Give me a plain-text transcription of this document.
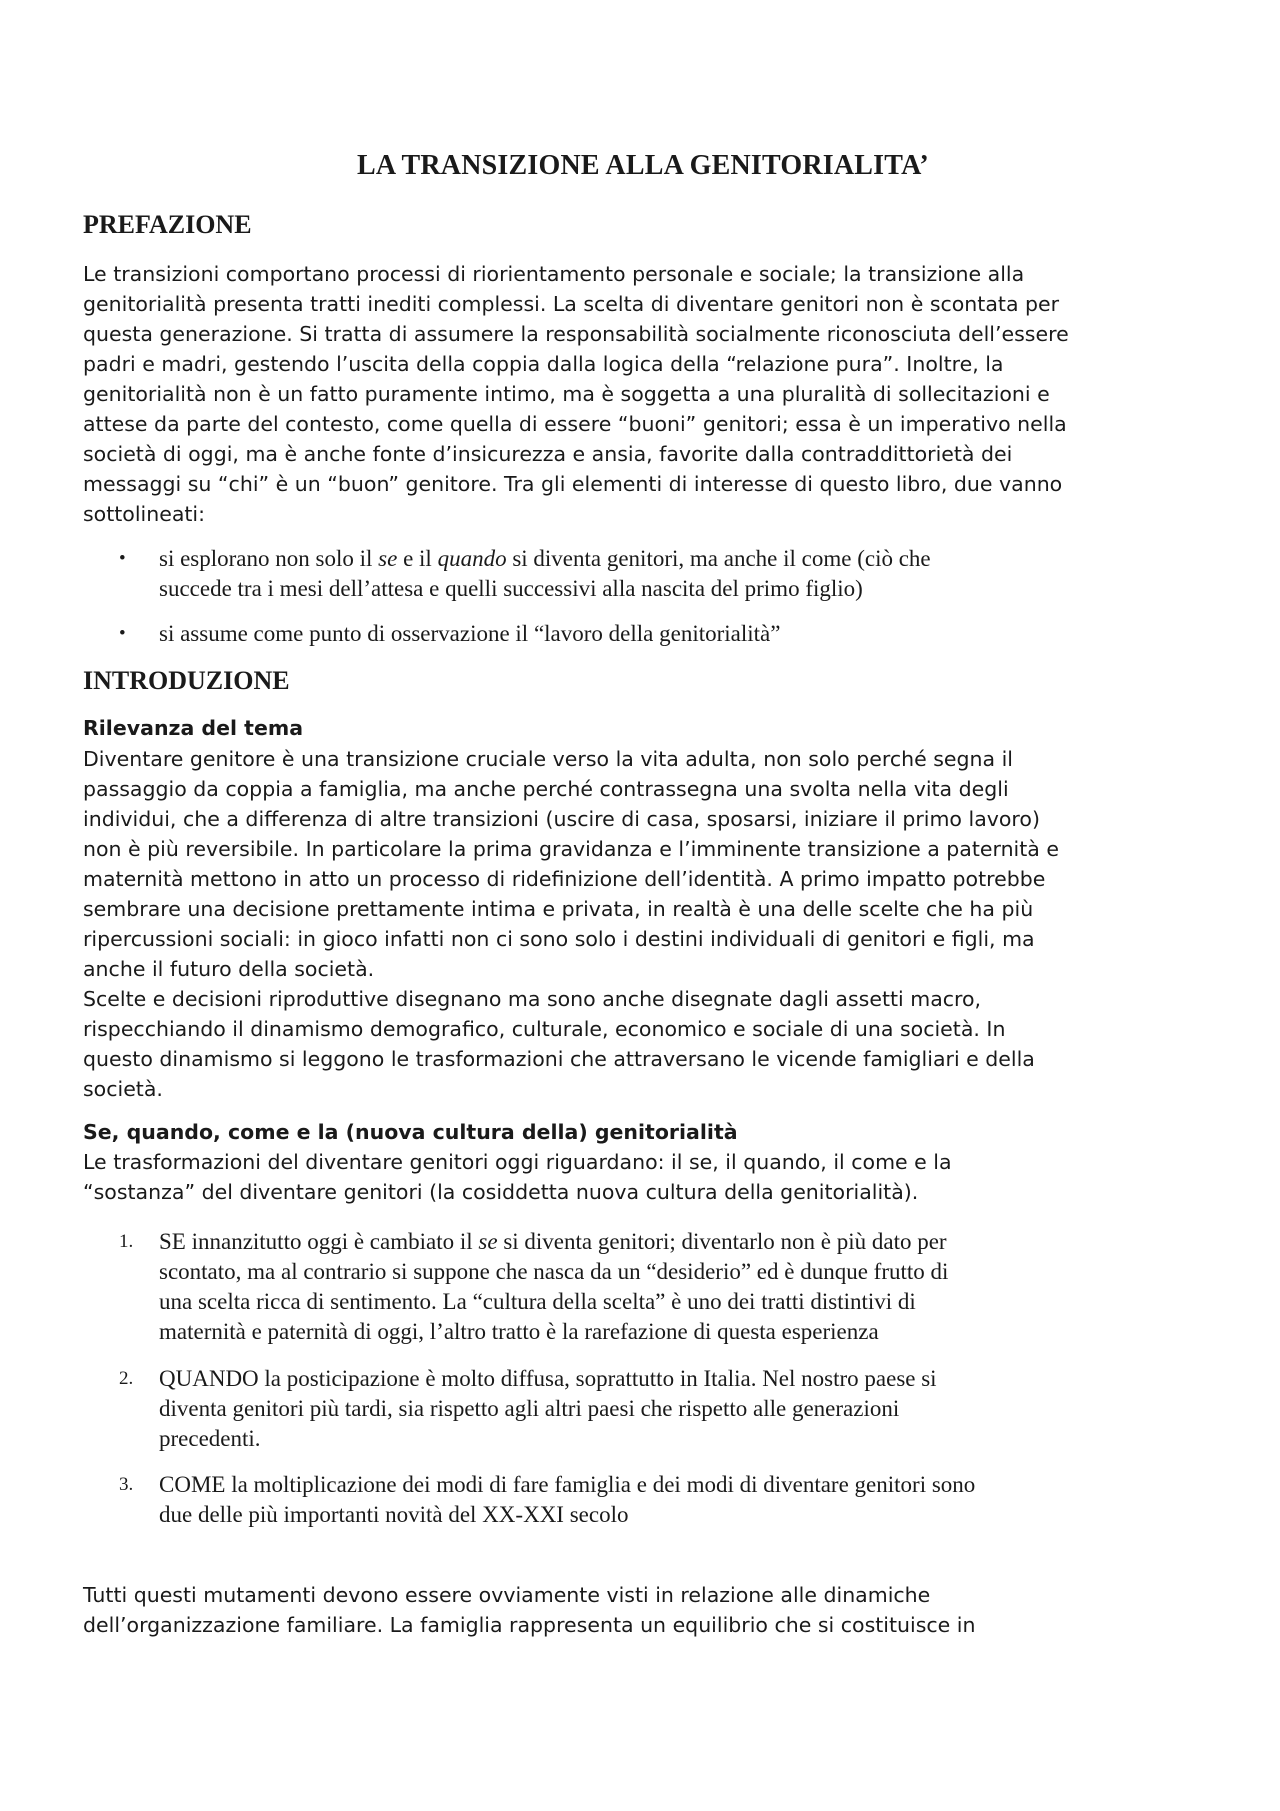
LA TRANSIZIONE ALLA GENITORIALITA’
PREFAZIONE
Le transizioni comportano processi di riorientamento personale e sociale; la transizione alla
genitorialità presenta tratti inediti complessi. La scelta di diventare genitori non è scontata per
questa generazione. Si tratta di assumere la responsabilità socialmente riconosciuta dell’essere
padri e madri, gestendo l’uscita della coppia dalla logica della “relazione pura”. Inoltre, la
genitorialità non è un fatto puramente intimo, ma è soggetta a una pluralità di sollecitazioni e
attese da parte del contesto, come quella di essere “buoni” genitori; essa è un imperativo nella
società di oggi, ma è anche fonte d’insicurezza e ansia, favorite dalla contraddittorietà dei
messaggi su “chi” è un “buon” genitore. Tra gli elementi di interesse di questo libro, due vanno
sottolineati:
• si esplorano non solo il se e il quando si diventa genitori, ma anche il come (ciò che
succede tra i mesi dell’attesa e quelli successivi alla nascita del primo figlio)
• si assume come punto di osservazione il “lavoro della genitorialità”
INTRODUZIONE
Rilevanza del tema
Diventare genitore è una transizione cruciale verso la vita adulta, non solo perché segna il
passaggio da coppia a famiglia, ma anche perché contrassegna una svolta nella vita degli
individui, che a differenza di altre transizioni (uscire di casa, sposarsi, iniziare il primo lavoro)
non è più reversibile. In particolare la prima gravidanza e l’imminente transizione a paternità e
maternità mettono in atto un processo di ridefinizione dell’identità. A primo impatto potrebbe
sembrare una decisione prettamente intima e privata, in realtà è una delle scelte che ha più
ripercussioni sociali: in gioco infatti non ci sono solo i destini individuali di genitori e figli, ma
anche il futuro della società.
Scelte e decisioni riproduttive disegnano ma sono anche disegnate dagli assetti macro,
rispecchiando il dinamismo demografico, culturale, economico e sociale di una società. In
questo dinamismo si leggono le trasformazioni che attraversano le vicende famigliari e della
società.
Se, quando, come e la (nuova cultura della) genitorialità
Le trasformazioni del diventare genitori oggi riguardano: il se, il quando, il come e la
“sostanza” del diventare genitori (la cosiddetta nuova cultura della genitorialità).
1. SE innanzitutto oggi è cambiato il se si diventa genitori; diventarlo non è più dato per
scontato, ma al contrario si suppone che nasca da un “desiderio” ed è dunque frutto di
una scelta ricca di sentimento. La “cultura della scelta” è uno dei tratti distintivi di
maternità e paternità di oggi, l’altro tratto è la rarefazione di questa esperienza
2. QUANDO la posticipazione è molto diffusa, soprattutto in Italia. Nel nostro paese si
diventa genitori più tardi, sia rispetto agli altri paesi che rispetto alle generazioni
precedenti.
3. COME la moltiplicazione dei modi di fare famiglia e dei modi di diventare genitori sono
due delle più importanti novità del XX-XXI secolo
Tutti questi mutamenti devono essere ovviamente visti in relazione alle dinamiche
dell’organizzazione familiare. La famiglia rappresenta un equilibrio che si costituisce in
